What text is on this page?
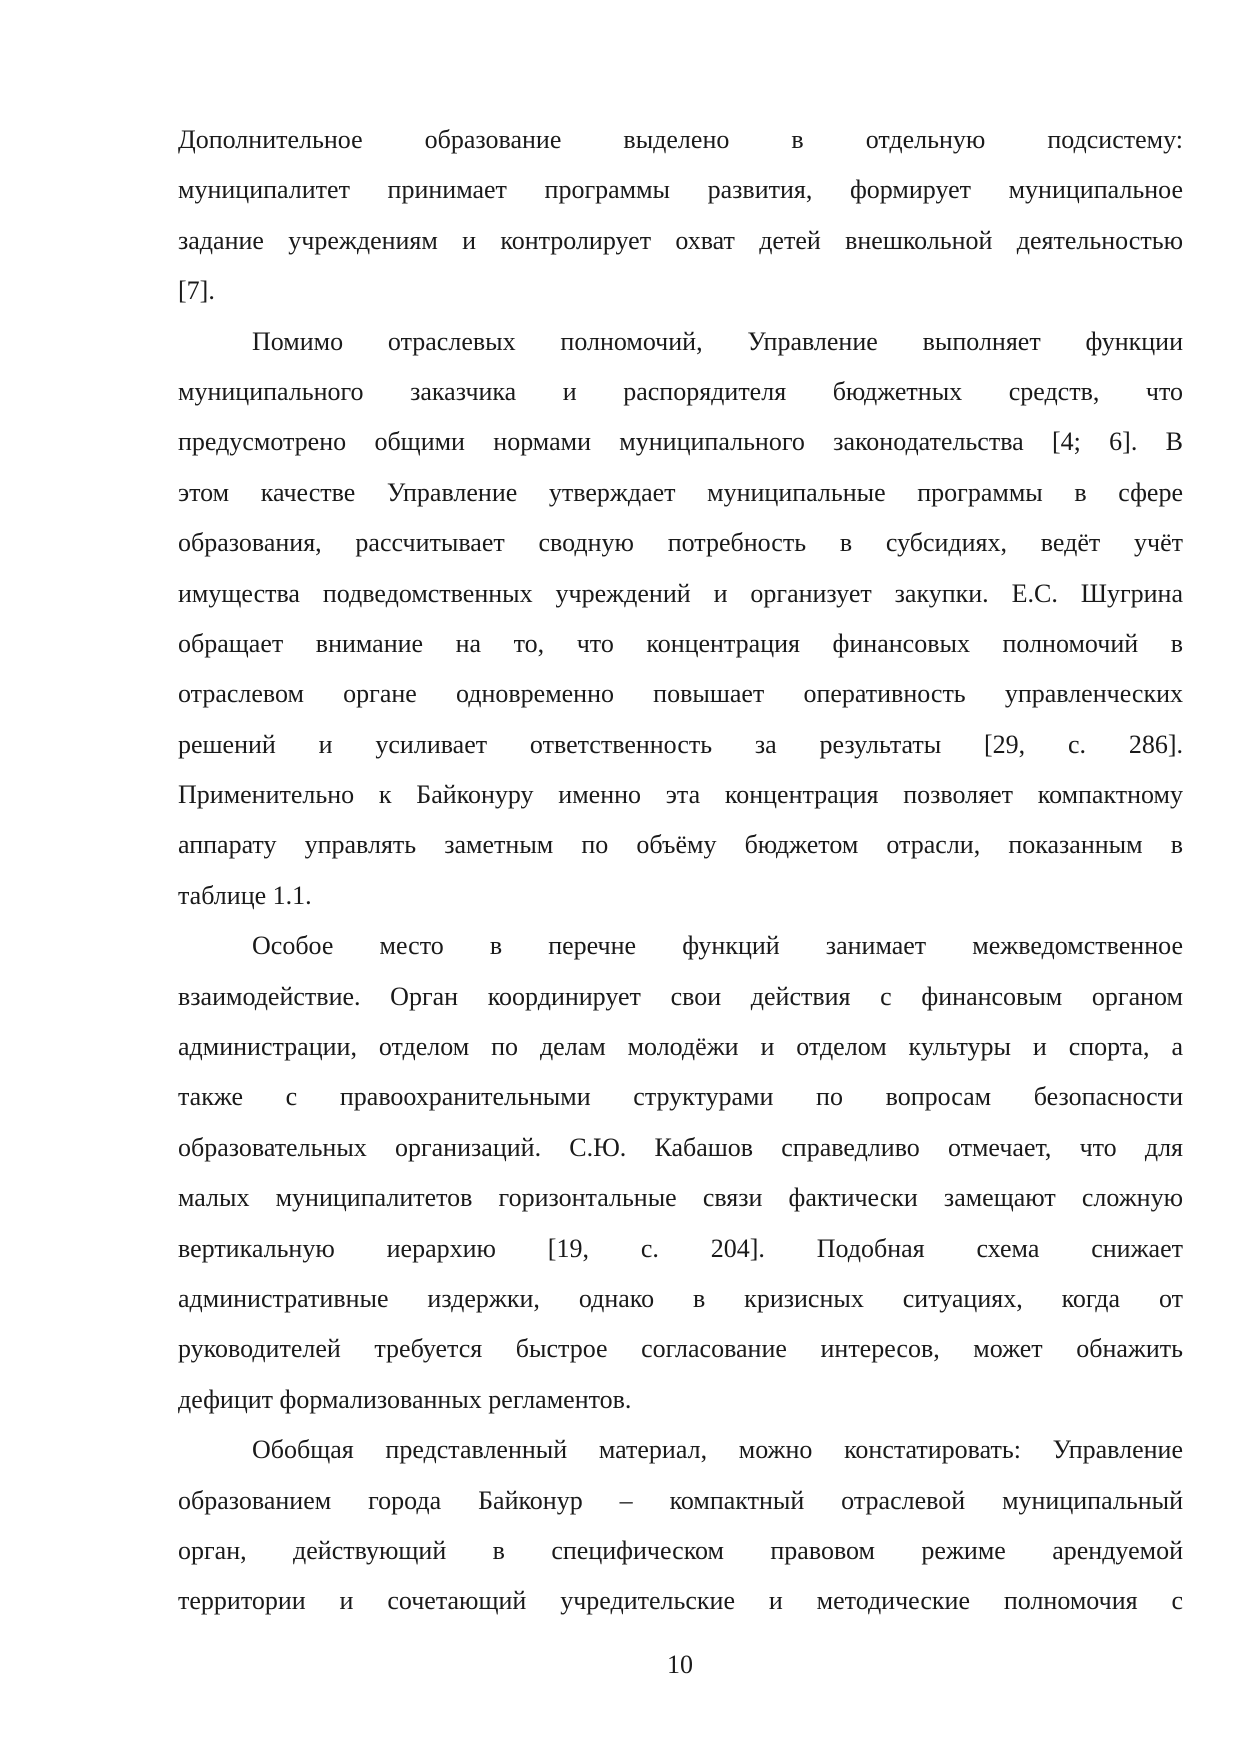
Дополнительное образование выделено в отдельную подсистему:
муниципалитет принимает программы развития, формирует муниципальное
задание учреждениям и контролирует охват детей внешкольной деятельностью
[7].
Помимо отраслевых полномочий, Управление выполняет функции
муниципального заказчика и распорядителя бюджетных средств, что
предусмотрено общими нормами муниципального законодательства [4; 6]. В
этом качестве Управление утверждает муниципальные программы в сфере
образования, рассчитывает сводную потребность в субсидиях, ведёт учёт
имущества подведомственных учреждений и организует закупки. Е.С. Шугрина
обращает внимание на то, что концентрация финансовых полномочий в
отраслевом органе одновременно повышает оперативность управленческих
решений и усиливает ответственность за результаты [29, с. 286].
Применительно к Байконуру именно эта концентрация позволяет компактному
аппарату управлять заметным по объёму бюджетом отрасли, показанным в
таблице 1.1.
Особое место в перечне функций занимает межведомственное
взаимодействие. Орган координирует свои действия с финансовым органом
администрации, отделом по делам молодёжи и отделом культуры и спорта, а
также с правоохранительными структурами по вопросам безопасности
образовательных организаций. С.Ю. Кабашов справедливо отмечает, что для
малых муниципалитетов горизонтальные связи фактически замещают сложную
вертикальную иерархию [19, с. 204]. Подобная схема снижает
административные издержки, однако в кризисных ситуациях, когда от
руководителей требуется быстрое согласование интересов, может обнажить
дефицит формализованных регламентов.
Обобщая представленный материал, можно констатировать: Управление
образованием города Байконур – компактный отраслевой муниципальный
орган, действующий в специфическом правовом режиме арендуемой
территории и сочетающий учредительские и методические полномочия с
10
